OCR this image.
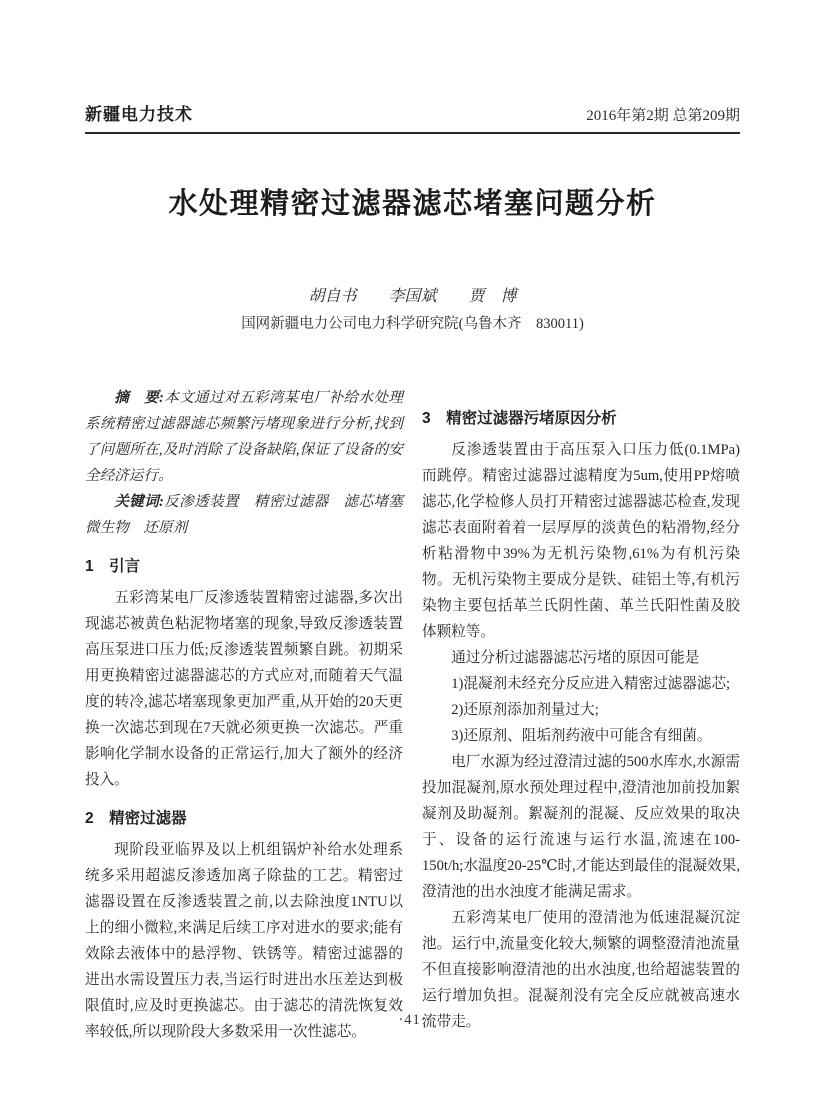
新疆电力技术	2016年第2期 总第209期
水处理精密过滤器滤芯堵塞问题分析
胡自书　　李国斌　　贾　博
国网新疆电力公司电力科学研究院(乌鲁木齐　830011)

摘　要:本文通过对五彩湾某电厂补给水处理系统精密过滤器滤芯频繁污堵现象进行分析,找到了问题所在,及时消除了设备缺陷,保证了设备的安全经济运行。

关键词:反渗透装置　精密过滤器　滤芯堵塞　微生物　还原剂

1　引言

五彩湾某电厂反渗透装置精密过滤器,多次出现滤芯被黄色粘泥物堵塞的现象,导致反渗透装置高压泵进口压力低;反渗透装置频繁自跳。初期采用更换精密过滤器滤芯的方式应对,而随着天气温度的转冷,滤芯堵塞现象更加严重,从开始的20天更换一次滤芯到现在7天就必须更换一次滤芯。严重影响化学制水设备的正常运行,加大了额外的经济投入。

2　精密过滤器

现阶段亚临界及以上机组锅炉补给水处理系统多采用超滤反渗透加离子除盐的工艺。精密过滤器设置在反渗透装置之前,以去除浊度1NTU以上的细小微粒,来满足后续工序对进水的要求;能有效除去液体中的悬浮物、铁锈等。精密过滤器的进出水需设置压力表,当运行时进出水压差达到极限值时,应及时更换滤芯。由于滤芯的清洗恢复效率较低,所以现阶段大多数采用一次性滤芯。

3　精密过滤器污堵原因分析

反渗透装置由于高压泵入口压力低(0.1MPa)而跳停。精密过滤器过滤精度为5um,使用PP熔喷滤芯,化学检修人员打开精密过滤器滤芯检查,发现滤芯表面附着着一层厚厚的淡黄色的粘滑物,经分析粘滑物中39%为无机污染物,61%为有机污染物。无机污染物主要成分是铁、硅铝土等,有机污染物主要包括革兰氏阴性菌、革兰氏阳性菌及胶体颗粒等。

通过分析过滤器滤芯污堵的原因可能是

1)混凝剂未经充分反应进入精密过滤器滤芯;

2)还原剂添加剂量过大;

3)还原剂、阻垢剂药液中可能含有细菌。

电厂水源为经过澄清过滤的500水库水,水源需投加混凝剂,原水预处理过程中,澄清池加前投加絮凝剂及助凝剂。絮凝剂的混凝、反应效果的取决于、设备的运行流速与运行水温,流速在100-150t/h;水温度20-25℃时,才能达到最佳的混凝效果,澄清池的出水浊度才能满足需求。

五彩湾某电厂使用的澄清池为低速混凝沉淀池。运行中,流量变化较大,频繁的调整澄清池流量不但直接影响澄清池的出水浊度,也给超滤装置的运行增加负担。混凝剂没有完全反应就被高速水流带走。

·41·
